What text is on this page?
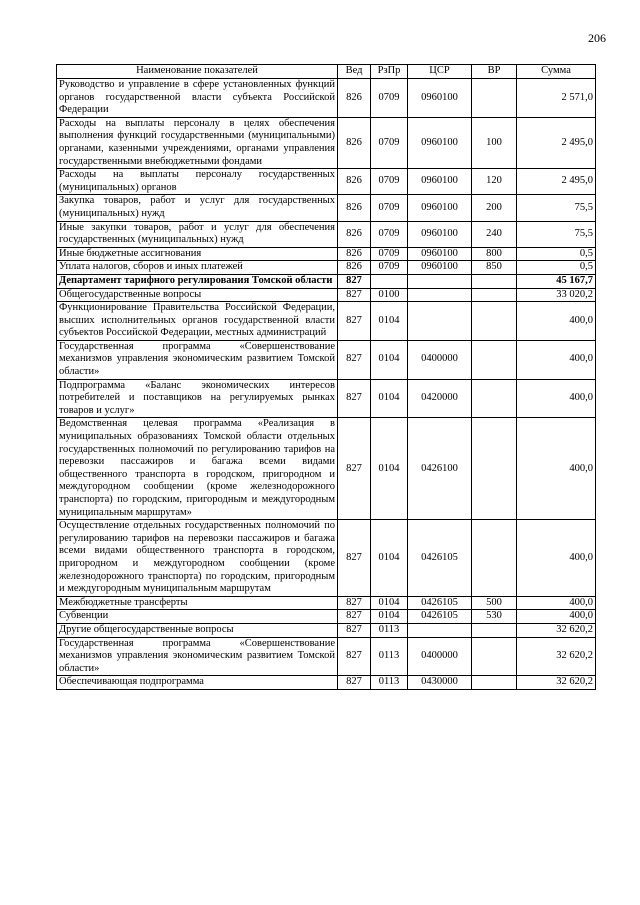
206
Наименование показателей	Вед	РзПр	ЦСР	ВР	Сумма
Руководство и управление в сфере установленных функций органов государственной власти субъекта Российской Федерации	826	0709	0960100		2 571,0
Расходы на выплаты персоналу в целях обеспечения выполнения функций государственными (муниципальными) органами, казенными учреждениями, органами управления государственными внебюджетными фондами	826	0709	0960100	100	2 495,0
Расходы на выплаты персоналу государственных (муниципальных) органов	826	0709	0960100	120	2 495,0
Закупка товаров, работ и услуг для государственных (муниципальных) нужд	826	0709	0960100	200	75,5
Иные закупки товаров, работ и услуг для обеспечения государственных (муниципальных) нужд	826	0709	0960100	240	75,5
Иные бюджетные ассигнования	826	0709	0960100	800	0,5
Уплата налогов, сборов и иных платежей	826	0709	0960100	850	0,5
Департамент тарифного регулирования Томской области	827				45 167,7
Общегосударственные вопросы	827	0100			33 020,2
Функционирование Правительства Российской Федерации, высших исполнительных органов государственной власти субъектов Российской Федерации, местных администраций	827	0104			400,0
Государственная программа «Совершенствование механизмов управления экономическим развитием Томской области»	827	0104	0400000		400,0
Подпрограмма «Баланс экономических интересов потребителей и поставщиков на регулируемых рынках товаров и услуг»	827	0104	0420000		400,0
Ведомственная целевая программа «Реализация в муниципальных образованиях Томской области отдельных государственных полномочий по регулированию тарифов на перевозки пассажиров и багажа всеми видами общественного транспорта в городском, пригородном и междугородном сообщении (кроме железнодорожного транспорта) по городским, пригородным и междугородным муниципальным маршрутам»	827	0104	0426100		400,0
Осуществление отдельных государственных полномочий по регулированию тарифов на перевозки пассажиров и багажа всеми видами общественного транспорта в городском, пригородном и междугородном сообщении (кроме железнодорожного транспорта) по городским, пригородным и междугородным муниципальным маршрутам	827	0104	0426105		400,0
Межбюджетные трансферты	827	0104	0426105	500	400,0
Субвенции	827	0104	0426105	530	400,0
Другие общегосударственные вопросы	827	0113			32 620,2
Государственная программа «Совершенствование механизмов управления экономическим развитием Томской области»	827	0113	0400000		32 620,2
Обеспечивающая подпрограмма	827	0113	0430000		32 620,2
